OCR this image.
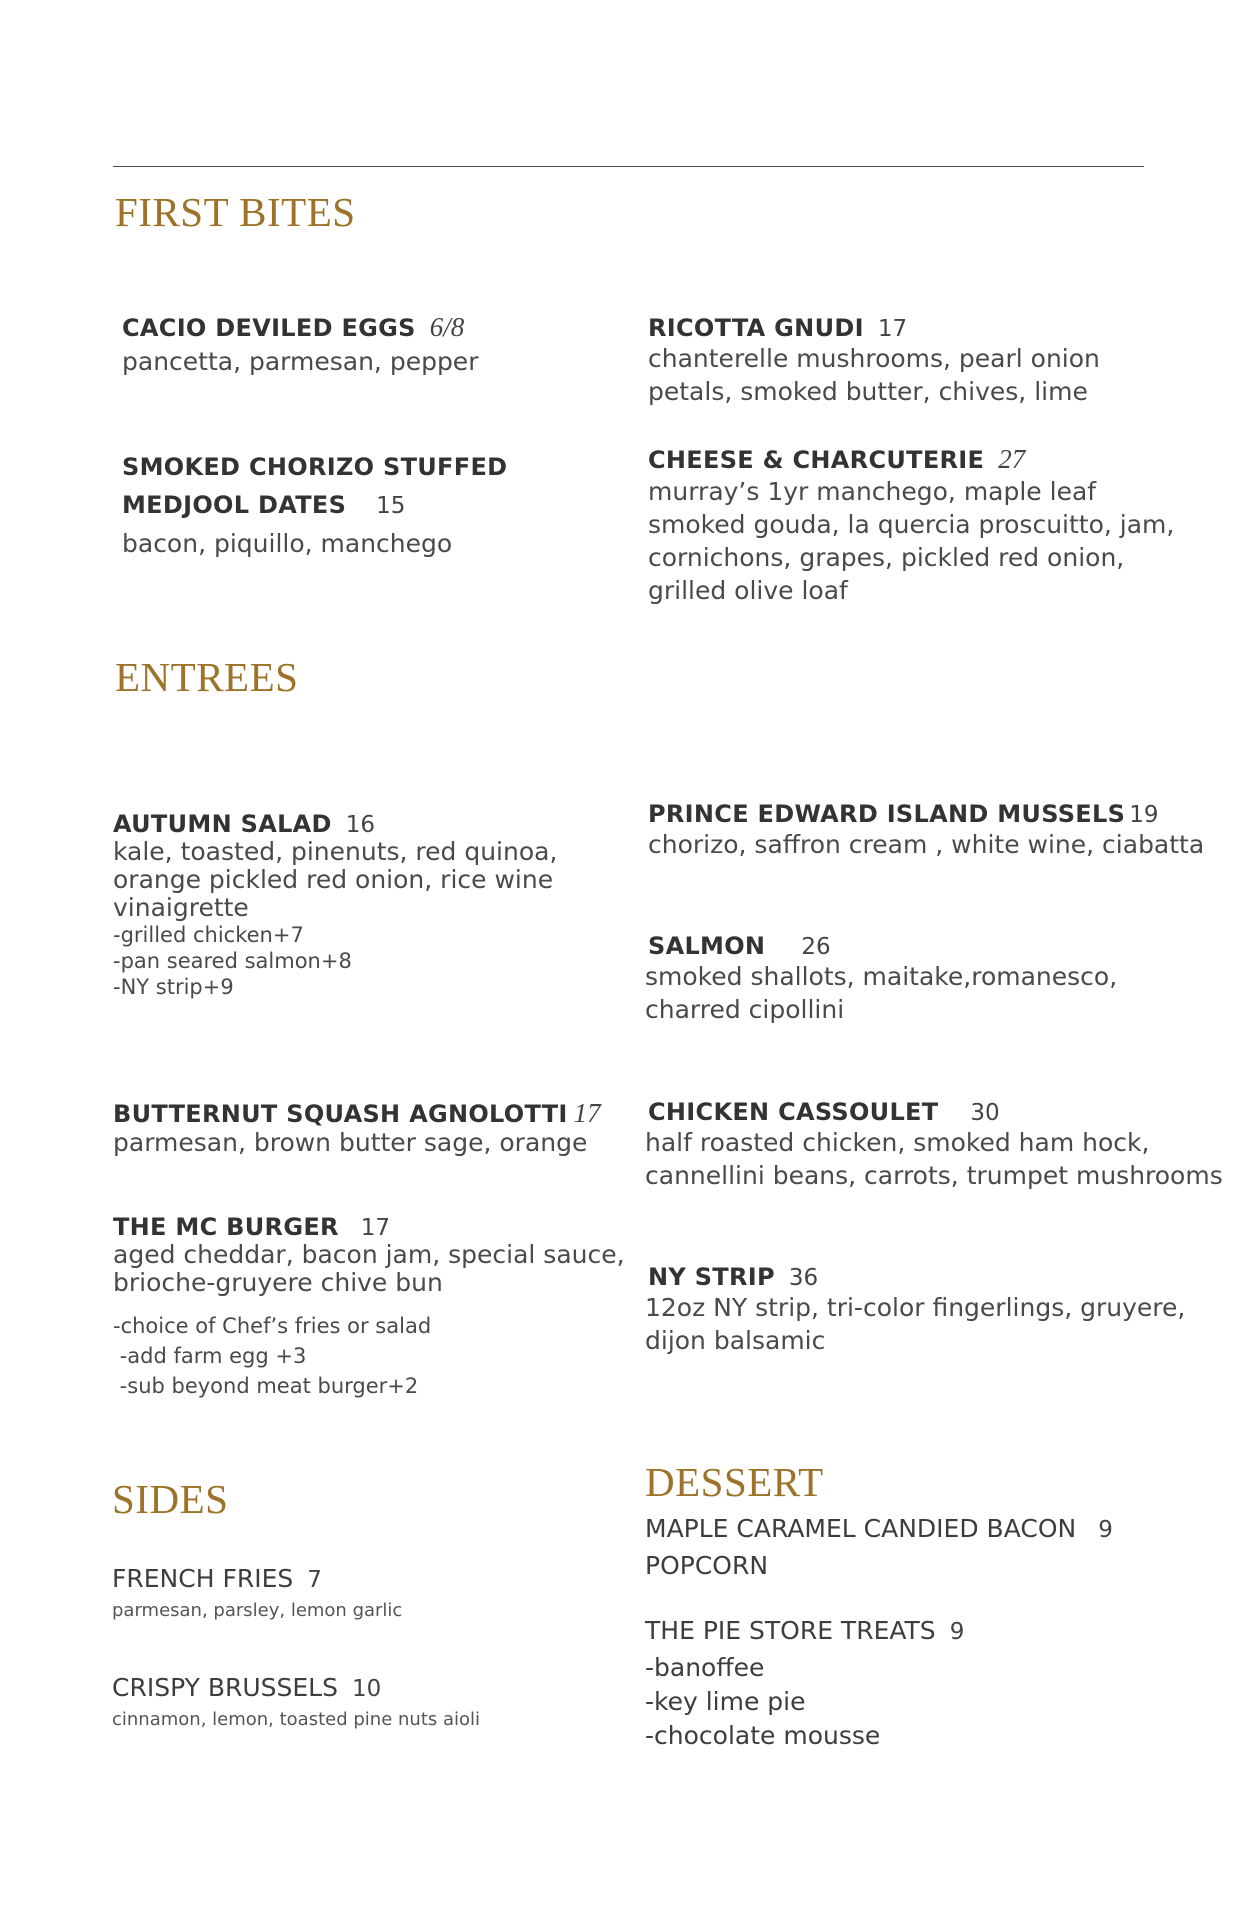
FIRST BITES
CACIO DEVILED EGGS 6/8
pancetta, parmesan, pepper
RICOTTA GNUDI 17
chanterelle mushrooms, pearl onion
petals, smoked butter, chives, lime
SMOKED CHORIZO STUFFED
MEDJOOL DATES 15
bacon, piquillo, manchego
CHEESE & CHARCUTERIE 27
murray’s 1yr manchego, maple leaf
smoked gouda, la quercia proscuitto, jam,
cornichons, grapes, pickled red onion,
grilled olive loaf
ENTREES
AUTUMN SALAD 16
kale, toasted, pinenuts, red quinoa,
orange pickled red onion, rice wine
vinaigrette
-grilled chicken+7
-pan seared salmon+8
-NY strip+9
PRINCE EDWARD ISLAND MUSSELS 19
chorizo, saffron cream , white wine, ciabatta
SALMON 26
smoked shallots, maitake,romanesco,
charred cipollini
BUTTERNUT SQUASH AGNOLOTTI 17
parmesan, brown butter sage, orange
CHICKEN CASSOULET 30
half roasted chicken, smoked ham hock,
cannellini beans, carrots, trumpet mushrooms
THE MC BURGER 17
aged cheddar, bacon jam, special sauce,
brioche-gruyere chive bun
-choice of Chef’s fries or salad
-add farm egg +3
-sub beyond meat burger+2
NY STRIP 36
12oz NY strip, tri-color fingerlings, gruyere,
dijon balsamic
SIDES
FRENCH FRIES 7
parmesan, parsley, lemon garlic
CRISPY BRUSSELS 10
cinnamon, lemon, toasted pine nuts aioli
DESSERT
MAPLE CARAMEL CANDIED BACON 9
POPCORN
THE PIE STORE TREATS 9
-banoffee
-key lime pie
-chocolate mousse
